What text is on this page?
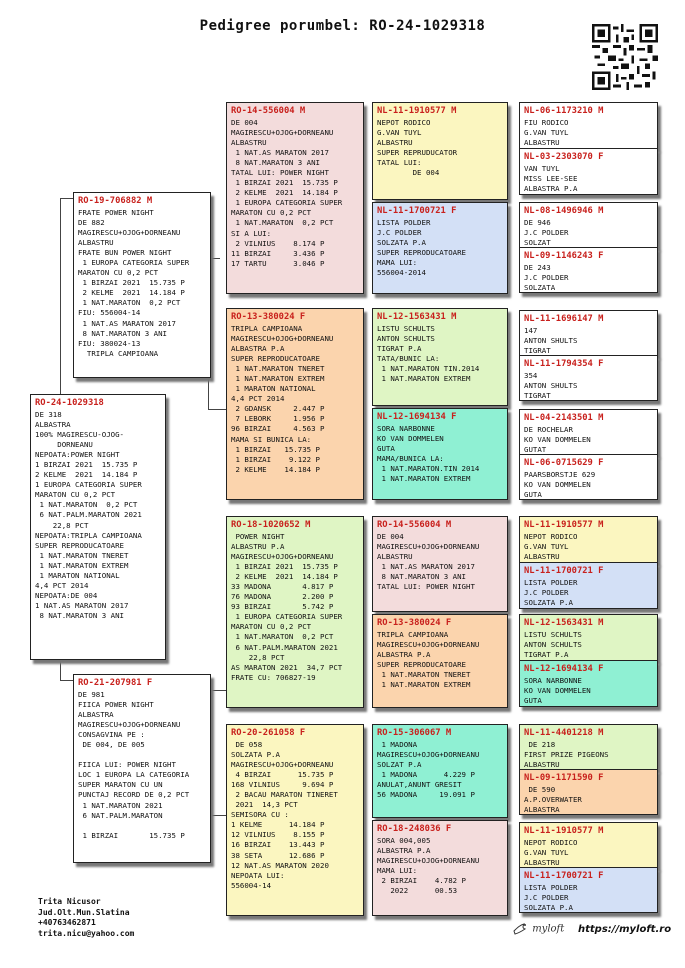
Pedigree porumbel: RO-24-1029318
RO-24-1029318
DE 318
ALBASTRA
100% MAGIRESCU-OJOG-
DORNEANU
NEPOATA:POWER NIGHT
1 BIRZAI 2021  15.735 P
2 KELME  2021  14.184 P
1 EUROPA CATEGORIA SUPER
MARATON CU 0,2 PCT
1 NAT.MARATON  0,2 PCT
6 NAT.PALM.MARATON 2021
22,8 PCT
NEPOATA:TRIPLA CAMPIOANA
SUPER REPRODUCATOARE
1 NAT.MARATON TNERET
1 NAT.MARATON EXTREM
1 MARATON NATIONAL
4,4 PCT 2014
NEPOATA:DE 004
1 NAT.AS MARATON 2017
8 NAT.MARATON 3 ANI
RO-19-706882 M
FRATE POWER NIGHT
DE 882
MAGIRESCU+OJOG+DORNEANU
ALBASTRU
FRATE BUN POWER NIGHT
1 EUROPA CATEGORIA SUPER
MARATON CU 0,2 PCT
1 BIRZAI 2021  15.735 P
2 KELME  2021  14.184 P
1 NAT.MARATON  0,2 PCT
FIU: 556004-14
1 NAT.AS MARATON 2017
8 NAT.MARATON 3 ANI
FIU: 380024-13
TRIPLA CAMPIOANA
RO-21-207981 F
DE 981
FIICA POWER NIGHT
ALBASTRA
MAGIRESCU+OJOG+DORNEANU
CONSAGVINA PE :
DE 004, DE 005

FIICA LUI: POWER NIGHT
LOC 1 EUROPA LA CATEGORIA
SUPER MARATON CU UN
PUNCTAJ RECORD DE 0,2 PCT
1 NAT.MARATON 2021
6 NAT.PALM.MARATON

1 BIRZAI       15.735 P
RO-14-556004 M
DE 004
MAGIRESCU+OJOG+DORNEANU
ALBASTRU
1 NAT.AS MARATON 2017
8 NAT.MARATON 3 ANI
TATAL LUI: POWER NIGHT
1 BIRZAI 2021  15.735 P
2 KELME  2021  14.184 P
1 EUROPA CATEGORIA SUPER
MARATON CU 0,2 PCT
1 NAT.MARATON  0,2 PCT
SI A LUI:
2 VILNIUS    8.174 P
11 BIRZAI     3.436 P
17 TARTU      3.046 P
RO-13-380024 F
TRIPLA CAMPIOANA
MAGIRESCU+OJOG+DORNEANU
ALBASTRA P.A
SUPER REPRODUCATOARE
1 NAT.MARATON TNERET
1 NAT.MARATON EXTREM
1 MARATON NATIONAL
4,4 PCT 2014
2 GDANSK     2.447 P
7 LEBORK     1.956 P
96 BIRZAI     4.563 P
MAMA SI BUNICA LA:
1 BIRZAI   15.735 P
1 BIRZAI    9.122 P
2 KELME    14.184 P
RO-18-1020652 M
POWER NIGHT
ALBASTRU P.A
MAGIRESCU+OJOG+DORNEANU
1 BIRZAI 2021  15.735 P
2 KELME  2021  14.184 P
33 MADONA       4.817 P
76 MADONA       2.200 P
93 BIRZAI       5.742 P
1 EUROPA CATEGORIA SUPER
MARATON CU 0,2 PCT
1 NAT.MARATON  0,2 PCT
6 NAT.PALM.MARATON 2021
22,8 PCT
AS MARATON 2021  34,7 PCT
FRATE CU: 706827-19
RO-20-261058 F
DE 058
SOLZATA P.A
MAGIRESCU+OJOG+DORNEANU
4 BIRZAI      15.735 P
168 VILNIUS     9.694 P
2 BACAU MARATON TINERET
2021  14,3 PCT
SEMISORA CU :
1 KELME      14.184 P
12 VILNIUS    8.155 P
16 BIRZAI    13.443 P
38 SETA      12.686 P
12 NAT.AS MARATON 2020
NEPOATA LUI:
556004-14
NL-11-1910577 M
NEPOT RODICO
G.VAN TUYL
ALBASTRU
SUPER REPRUDUCATOR
TATAL LUI:
DE 004
NL-11-1700721 F
LISTA POLDER
J.C POLDER
SOLZATA P.A
SUPER REPRODUCATOARE
MAMA LUI:
556004-2014
NL-12-1563431 M
LISTU SCHULTS
ANTON SCHULTS
TIGRAT P.A
TATA/BUNIC LA:
1 NAT.MARATON TIN.2014
1 NAT.MARATON EXTREM
NL-12-1694134 F
SORA NARBONNE
KO VAN DOMMELEN
GUTA
MAMA/BUNICA LA:
1 NAT.MARATON.TIN 2014
1 NAT.MARATON EXTREM
RO-14-556004 M
DE 004
MAGIRESCU+OJOG+DORNEANU
ALBASTRU
1 NAT.AS MARATON 2017
8 NAT.MARATON 3 ANI
TATAL LUI: POWER NIGHT
RO-13-380024 F
TRIPLA CAMPIOANA
MAGIRESCU+OJOG+DORNEANU
ALBASTRA P.A
SUPER REPRODUCATOARE
1 NAT.MARATON TNERET
1 NAT.MARATON EXTREM
RO-15-306067 M
1 MADONA
MAGIRESCU+OJOG+DORNEANU
SOLZAT P.A
1 MADONA      4.229 P
ANULAT,ANUNT GRESIT
56 MADONA     19.091 P
RO-18-248036 F
SORA 004,005
ALBASTRA P.A
MAGIRESCU+OJOG+DORNEANU
MAMA LUI:
2 BIRZAI    4.782 P
2022      00.53
NL-06-1173210 M
FIU RODICO
G.VAN TUYL
ALBASTRU
NL-03-2303070 F
VAN TUYL
MISS LEE-SEE
ALBASTRA P.A
NL-08-1496946 M
DE 946
J.C POLDER
SOLZAT
NL-09-1146243 F
DE 243
J.C POLDER
SOLZATA
NL-11-1696147 M
147
ANTON SHULTS
TIGRAT
NL-11-1794354 F
354
ANTON SHULTS
TIGRAT
NL-04-2143501 M
DE ROCHELAR
KO VAN DOMMELEN
GUTAT
NL-06-0715629 F
PAARSBORSTJE 629
KO VAN DOMMELEN
GUTA
NL-11-1910577 M
NEPOT RODICO
G.VAN TUYL
ALBASTRU
NL-11-1700721 F
LISTA POLDER
J.C POLDER
SOLZATA P.A
NL-12-1563431 M
LISTU SCHULTS
ANTON SCHULTS
TIGRAT P.A
NL-12-1694134 F
SORA NARBONNE
KO VAN DOMMELEN
GUTA
NL-11-4401218 M
DE 218
FIRST PRIZE PIGEONS
ALBASTRU
NL-09-1171590 F
DE 590
A.P.OVERWATER
ALBASTRA
NL-11-1910577 M
NEPOT RODICO
G.VAN TUYL
ALBASTRU
NL-11-1700721 F
LISTA POLDER
J.C POLDER
SOLZATA P.A
Trita Nicusor
Jud.Olt.Mun.Slatina
+40763462871
trita.nicu@yahoo.com	myloft https://myloft.ro
